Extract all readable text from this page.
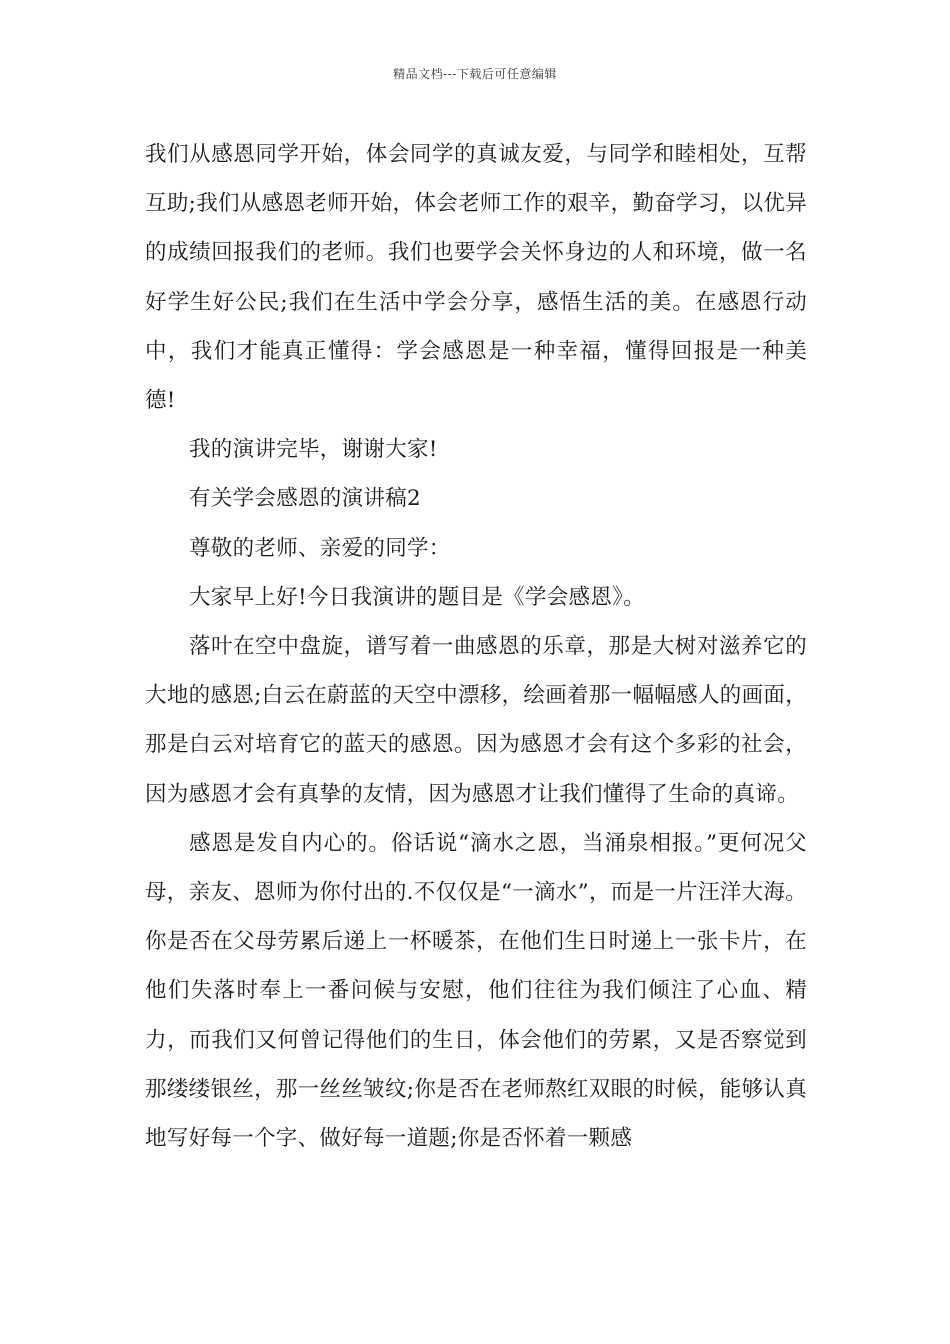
精品文档---下载后可任意编辑

我们从感恩同学开始，体会同学的真诚友爱，与同学和睦相处，互帮互助;我们从感恩老师开始，体会老师工作的艰辛，勤奋学习，以优异的成绩回报我们的老师。我们也要学会关怀身边的人和环境，做一名好学生好公民;我们在生活中学会分享，感悟生活的美。在感恩行动中，我们才能真正懂得：学会感恩是一种幸福，懂得回报是一种美德!

我的演讲完毕，谢谢大家!

有关学会感恩的演讲稿2

尊敬的老师、亲爱的同学：

大家早上好!今日我演讲的题目是《学会感恩》。

落叶在空中盘旋，谱写着一曲感恩的乐章，那是大树对滋养它的大地的感恩;白云在蔚蓝的天空中漂移，绘画着那一幅幅感人的画面，那是白云对培育它的蓝天的感恩。因为感恩才会有这个多彩的社会，因为感恩才会有真挚的友情，因为感恩才让我们懂得了生命的真谛。

感恩是发自内心的。俗话说“滴水之恩，当涌泉相报。”更何况父母，亲友、恩师为你付出的.不仅仅是“一滴水”，而是一片汪洋大海。你是否在父母劳累后递上一杯暖茶，在他们生日时递上一张卡片，在他们失落时奉上一番问候与安慰，他们往往为我们倾注了心血、精力，而我们又何曾记得他们的生日，体会他们的劳累，又是否察觉到那缕缕银丝，那一丝丝皱纹;你是否在老师熬红双眼的时候，能够认真地写好每一个字、做好每一道题;你是否怀着一颗感
